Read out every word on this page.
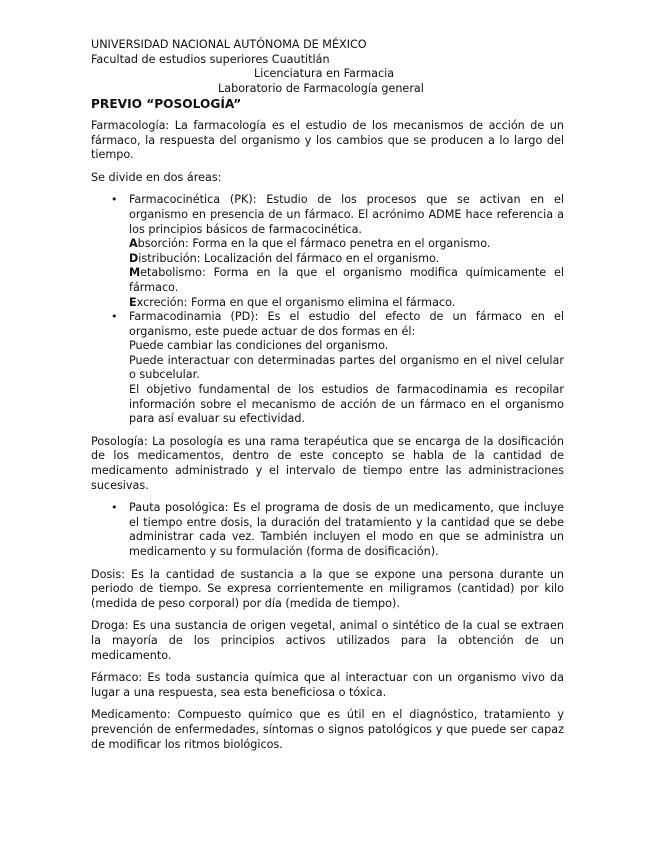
UNIVERSIDAD NACIONAL AUTÓNOMA DE MÉXICO
Facultad de estudios superiores Cuautitlán
Licenciatura en Farmacia
Laboratorio de Farmacología general
PREVIO “POSOLOGÍA”

Farmacología: La farmacología es el estudio de los mecanismos de acción de un fármaco, la respuesta del organismo y los cambios que se producen a lo largo del tiempo.

Se divide en dos áreas:

• Farmacocinética (PK): Estudio de los procesos que se activan en el organismo en presencia de un fármaco. El acrónimo ADME hace referencia a los principios básicos de farmacocinética.
Absorción: Forma en la que el fármaco penetra en el organismo.
Distribución: Localización del fármaco en el organismo.
Metabolismo: Forma en la que el organismo modifica químicamente el fármaco.
Excreción: Forma en que el organismo elimina el fármaco.
• Farmacodinamia (PD): Es el estudio del efecto de un fármaco en el organismo, este puede actuar de dos formas en él:
Puede cambiar las condiciones del organismo.
Puede interactuar con determinadas partes del organismo en el nivel celular o subcelular.
El objetivo fundamental de los estudios de farmacodinamia es recopilar información sobre el mecanismo de acción de un fármaco en el organismo para así evaluar su efectividad.

Posología: La posología es una rama terapéutica que se encarga de la dosificación de los medicamentos, dentro de este concepto se habla de la cantidad de medicamento administrado y el intervalo de tiempo entre las administraciones sucesivas.

• Pauta posológica: Es el programa de dosis de un medicamento, que incluye el tiempo entre dosis, la duración del tratamiento y la cantidad que se debe administrar cada vez. También incluyen el modo en que se administra un medicamento y su formulación (forma de dosificación).

Dosis: Es la cantidad de sustancia a la que se expone una persona durante un periodo de tiempo. Se expresa corrientemente en miligramos (cantidad) por kilo (medida de peso corporal) por día (medida de tiempo).

Droga: Es una sustancia de origen vegetal, animal o sintético de la cual se extraen la mayoría de los principios activos utilizados para la obtención de un medicamento.

Fármaco: Es toda sustancia química que al interactuar con un organismo vivo da lugar a una respuesta, sea esta beneficiosa o tóxica.

Medicamento: Compuesto químico que es útil en el diagnóstico, tratamiento y prevención de enfermedades, síntomas o signos patológicos y que puede ser capaz de modificar los ritmos biológicos.
